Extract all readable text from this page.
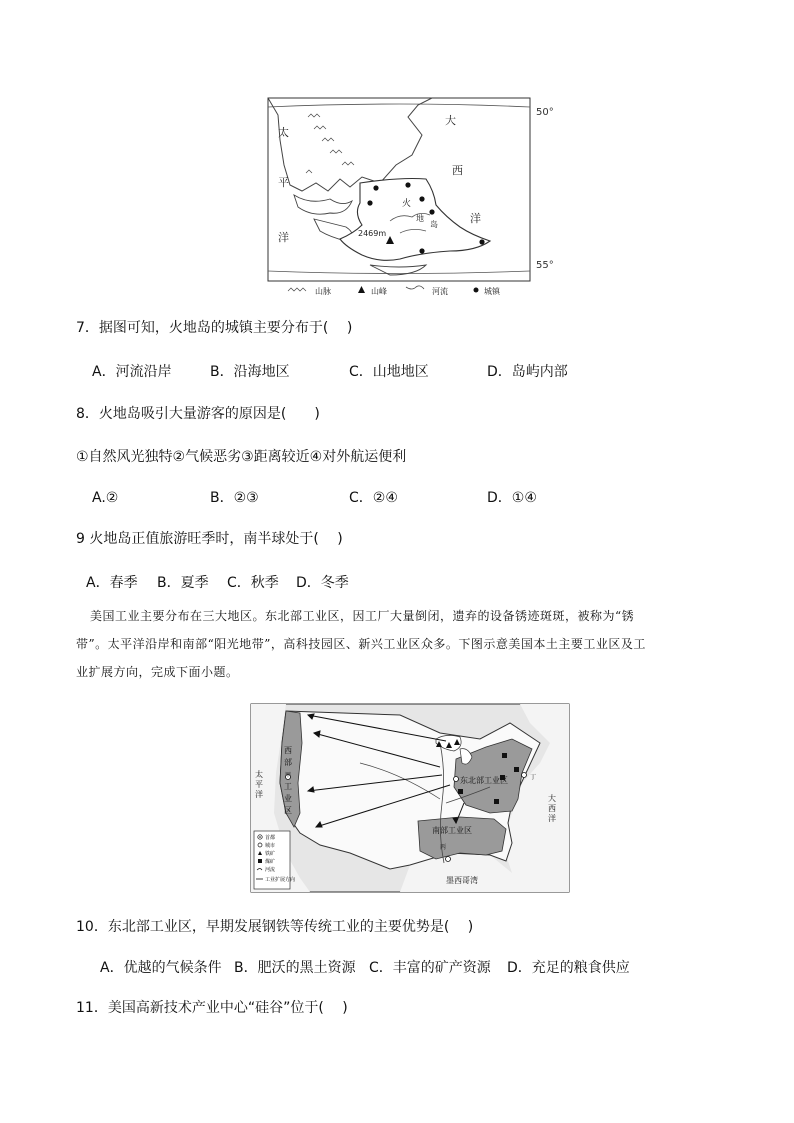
2469m
火
地
岛
太
平
洋
大
西
洋
50°
55°
山脉	山峰	河流	城镇
7．据图可知，火地岛的城镇主要分布于(　 )
A．河流沿岸	B．沿海地区	C．山地地区	D．岛屿内部
8．火地岛吸引大量游客的原因是(　　)
①自然风光独特②气候恶劣③距离较近④对外航运便利
A.②	B．②③	C．②④	D．①④
9 火地岛正值旅游旺季时，南半球处于(　 )
A．春季 B．夏季 C．秋季 D．冬季
美国工业主要分布在三大地区。东北部工业区，因工厂大量倒闭，遗弃的设备锈迹斑斑，被称为“锈
带”。太平洋沿岸和南部“阳光地带”，高科技园区、新兴工业区众多。下图示意美国本土主要工业区及工
业扩展方向，完成下面小题。
太
平
洋
西
部
工
业
区
甲
东北部工业区
南部工业区
丙
丁
大
西
洋
墨西哥湾
首都
城市
铁矿
煤矿
河流
工业扩展方向
10．东北部工业区，早期发展钢铁等传统工业的主要优势是(　 )
A．优越的气候条件 B．肥沃的黑土资源 C．丰富的矿产资源 D．充足的粮食供应
11．美国高新技术产业中心“硅谷”位于(　 )
